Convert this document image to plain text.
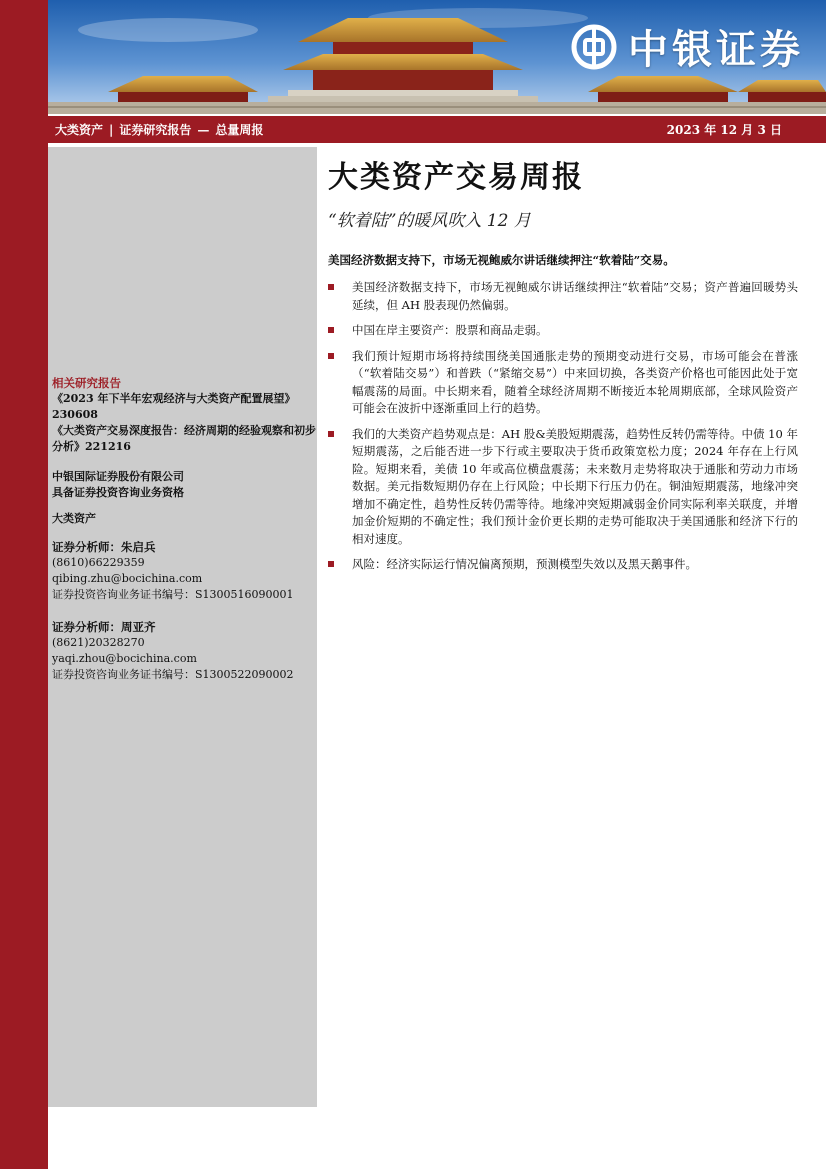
中银证券
大类资产 | 证券研究报告 — 总量周报	2023 年 12 月 3 日
相关研究报告
《2023 年下半年宏观经济与大类资产配置展望》230608
《大类资产交易深度报告：经济周期的经验观察和初步分析》221216
中银国际证券股份有限公司
具备证券投资咨询业务资格
大类资产
证券分析师：朱启兵
(8610)66229359
qibing.zhu@bocichina.com
证券投资咨询业务证书编号：S1300516090001
证券分析师：周亚齐
(8621)20328270
yaqi.zhou@bocichina.com
证券投资咨询业务证书编号：S1300522090002
大类资产交易周报
“软着陆”的暖风吹入 12 月
美国经济数据支持下，市场无视鲍威尔讲话继续押注“软着陆”交易。
美国经济数据支持下，市场无视鲍威尔讲话继续押注“软着陆”交易；资产普遍回暖势头延续，但 AH 股表现仍然偏弱。
中国在岸主要资产：股票和商品走弱。
我们预计短期市场将持续围绕美国通胀走势的预期变动进行交易，市场可能会在普涨（“软着陆交易”）和普跌（“紧缩交易”）中来回切换，各类资产价格也可能因此处于宽幅震荡的局面。中长期来看，随着全球经济周期不断接近本轮周期底部，全球风险资产可能会在波折中逐渐重回上行的趋势。
我们的大类资产趋势观点是：AH 股&美股短期震荡，趋势性反转仍需等待。中债 10 年短期震荡，之后能否进一步下行或主要取决于货币政策宽松力度；2024 年存在上行风险。短期来看，美债 10 年或高位横盘震荡；未来数月走势将取决于通胀和劳动力市场数据。美元指数短期仍存在上行风险；中长期下行压力仍在。铜油短期震荡，地缘冲突增加不确定性，趋势性反转仍需等待。地缘冲突短期减弱金价同实际利率关联度，并增加金价短期的不确定性；我们预计金价更长期的走势可能取决于美国通胀和经济下行的相对速度。
风险：经济实际运行情况偏离预期，预测模型失效以及黑天鹅事件。
